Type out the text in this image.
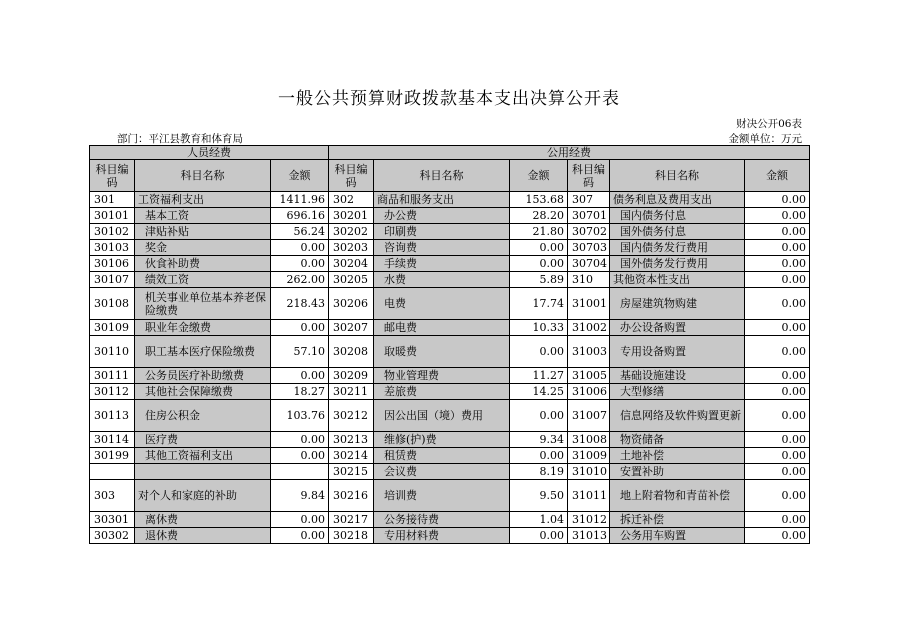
一般公共预算财政拨款基本支出决算公开表
财决公开06表
部门：平江县教育和体育局	金额单位：万元
人员经费			公用经费					
科目编码	科目名称	金额	科目编码	科目名称	金额	科目编码	科目名称	金额
301	工资福利支出	1411.96	302	商品和服务支出	153.68	307	债务利息及费用支出	0.00
30101	基本工资	696.16	30201	办公费	28.20	30701	国内债务付息	0.00
30102	津贴补贴	56.24	30202	印刷费	21.80	30702	国外债务付息	0.00
30103	奖金	0.00	30203	咨询费	0.00	30703	国内债务发行费用	0.00
30106	伙食补助费	0.00	30204	手续费	0.00	30704	国外债务发行费用	0.00
30107	绩效工资	262.00	30205	水费	5.89	310	其他资本性支出	0.00
30108	机关事业单位基本养老保险缴费	218.43	30206	电费	17.74	31001	房屋建筑物购建	0.00
30109	职业年金缴费	0.00	30207	邮电费	10.33	31002	办公设备购置	0.00
30110	职工基本医疗保险缴费	57.10	30208	取暖费	0.00	31003	专用设备购置	0.00
30111	公务员医疗补助缴费	0.00	30209	物业管理费	11.27	31005	基础设施建设	0.00
30112	其他社会保障缴费	18.27	30211	差旅费	14.25	31006	大型修缮	0.00
30113	住房公积金	103.76	30212	因公出国（境）费用	0.00	31007	信息网络及软件购置更新	0.00
30114	医疗费	0.00	30213	维修(护)费	9.34	31008	物资储备	0.00
30199	其他工资福利支出	0.00	30214	租赁费	0.00	31009	土地补偿	0.00
			30215	会议费	8.19	31010	安置补助	0.00
303	对个人和家庭的补助	9.84	30216	培训费	9.50	31011	地上附着物和青苗补偿	0.00
30301	离休费	0.00	30217	公务接待费	1.04	31012	拆迁补偿	0.00
30302	退休费	0.00	30218	专用材料费	0.00	31013	公务用车购置	0.00
